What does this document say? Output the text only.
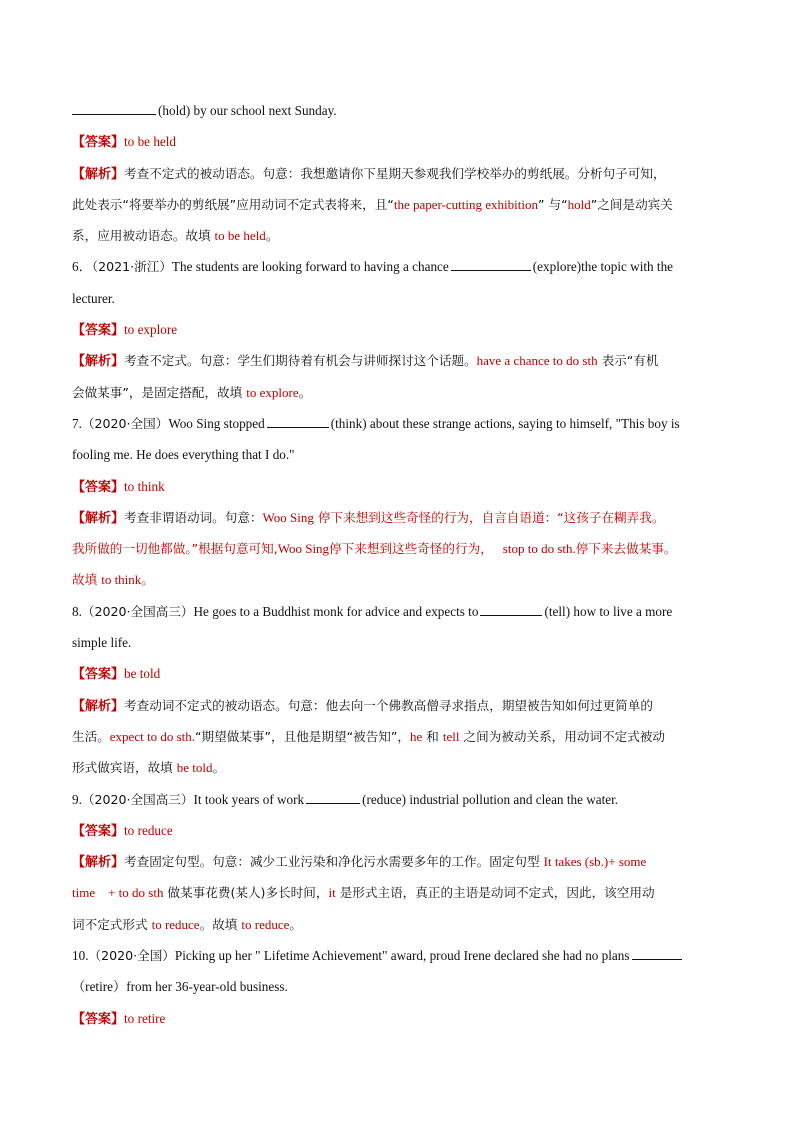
(hold) by our school next Sunday.
【答案】to be held
【解析】考查不定式的被动语态。句意：我想邀请你下星期天参观我们学校举办的剪纸展。分析句子可知，
此处表示“将要举办的剪纸展”应用动词不定式表将来，且“the paper-cutting exhibition” 与“hold”之间是动宾关
系，应用被动语态。故填 to be held。
6．（2021·浙江）The students are looking forward to having a chance	(explore)the topic with the
lecturer.
【答案】to explore
【解析】考查不定式。句意：学生们期待着有机会与讲师探讨这个话题。have a chance to do sth 表示“有机
会做某事”，是固定搭配，故填 to explore。
7.（2020·全国）Woo Sing stopped	(think) about these strange actions, saying to himself, "This boy is
fooling me. He does everything that I do."
【答案】to think
【解析】考查非谓语动词。句意：Woo Sing 停下来想到这些奇怪的行为，自言自语道：“这孩子在糊弄我。
我所做的一切他都做。”根据句意可知,Woo Sing停下来想到这些奇怪的行为， stop to do sth.停下来去做某事。
故填 to think。
8.（2020·全国高三）He goes to a Buddhist monk for advice and expects to	(tell) how to live a more
simple life.
【答案】be told
【解析】考查动词不定式的被动语态。句意：他去向一个佛教高僧寻求指点，期望被告知如何过更简单的
生活。expect to do sth.“期望做某事”，且他是期望“被告知”，he 和 tell 之间为被动关系，用动词不定式被动
形式做宾语，故填 be told。
9.（2020·全国高三）It took years of work	(reduce) industrial pollution and clean the water.
【答案】to reduce
【解析】考查固定句型。句意：减少工业污染和净化污水需要多年的工作。固定句型 It takes (sb.)+ some
time　+ to do sth 做某事花费(某人)多长时间，it 是形式主语，真正的主语是动词不定式，因此，该空用动
词不定式形式 to reduce。故填 to reduce。
10.（2020·全国）Picking up her " Lifetime Achievement" award, proud Irene declared she had no plans
（retire）from her 36-year-old business.
【答案】to retire
